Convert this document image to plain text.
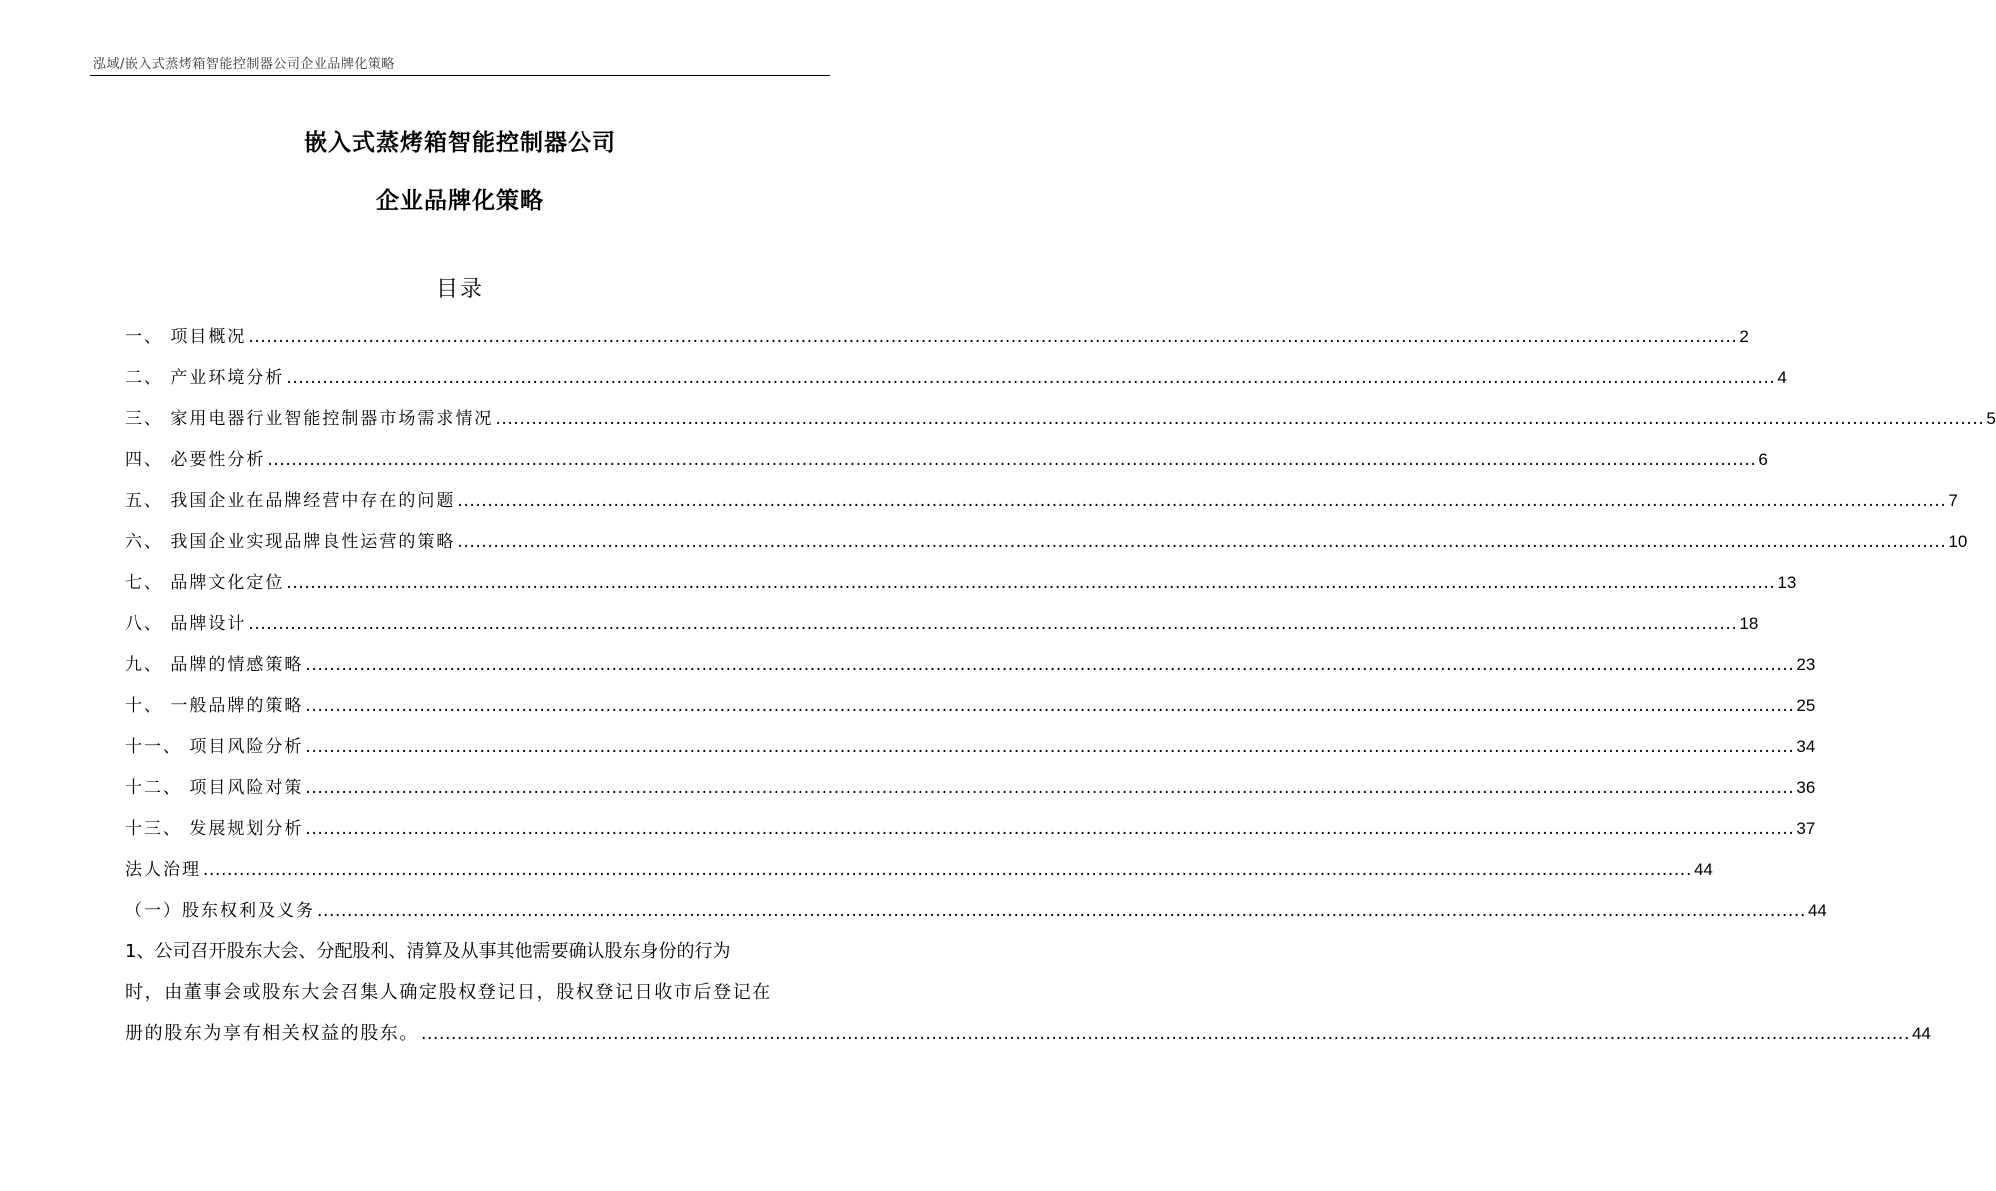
泓域/嵌入式蒸烤箱智能控制器公司企业品牌化策略
嵌入式蒸烤箱智能控制器公司
企业品牌化策略
目录
一、 项目概况 ........................................................................................................................................................................................................................................................ 2
二、 产业环境分析 ........................................................................................................................................................................................................................................................ 4
三、 家用电器行业智能控制器市场需求情况 ........................................................................................................................................................................................................................................................ 5
四、 必要性分析 ........................................................................................................................................................................................................................................................ 6
五、 我国企业在品牌经营中存在的问题 ........................................................................................................................................................................................................................................................ 7
六、 我国企业实现品牌良性运营的策略 ........................................................................................................................................................................................................................................................ 10
七、 品牌文化定位 ........................................................................................................................................................................................................................................................ 13
八、 品牌设计 ........................................................................................................................................................................................................................................................ 18
九、 品牌的情感策略 ........................................................................................................................................................................................................................................................ 23
十、 一般品牌的策略 ........................................................................................................................................................................................................................................................ 25
十一、 项目风险分析 ........................................................................................................................................................................................................................................................ 34
十二、 项目风险对策 ........................................................................................................................................................................................................................................................ 36
十三、 发展规划分析 ........................................................................................................................................................................................................................................................ 37
法人治理 ........................................................................................................................................................................................................................................................ 44
（一）股东权利及义务 ........................................................................................................................................................................................................................................................ 44
1、公司召开股东大会、分配股利、清算及从事其他需要确认股东身份的行为
时，由董事会或股东大会召集人确定股权登记日，股权登记日收市后登记在
册的股东为享有相关权益的股东。 ........................................................................................................................................................................................................................................................ 44
